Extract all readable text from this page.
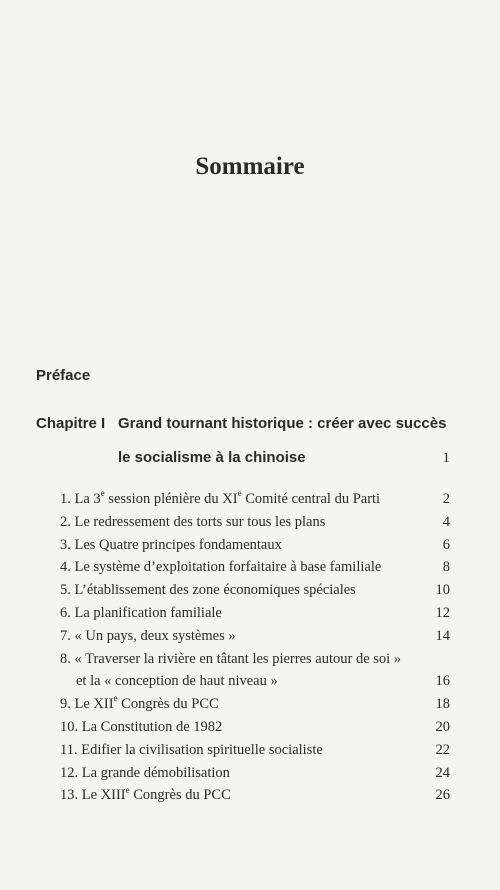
Sommaire
Préface
Chapitre I Grand tournant historique : créer avec succès
le socialisme à la chinoise	1
1. La 3e session plénière du XIe Comité central du Parti	2
2. Le redressement des torts sur tous les plans	4
3. Les Quatre principes fondamentaux	6
4. Le système d’exploitation forfaitaire à base familiale	8
5. L’établissement des zone économiques spéciales	10
6. La planification familiale	12
7. « Un pays, deux systèmes »	14
8. « Traverser la rivière en tâtant les pierres autour de soi »
et la « conception de haut niveau »	16
9. Le XIIe Congrès du PCC	18
10. La Constitution de 1982	20
11. Edifier la civilisation spirituelle socialiste	22
12. La grande démobilisation	24
13. Le XIIIe Congrès du PCC	26
